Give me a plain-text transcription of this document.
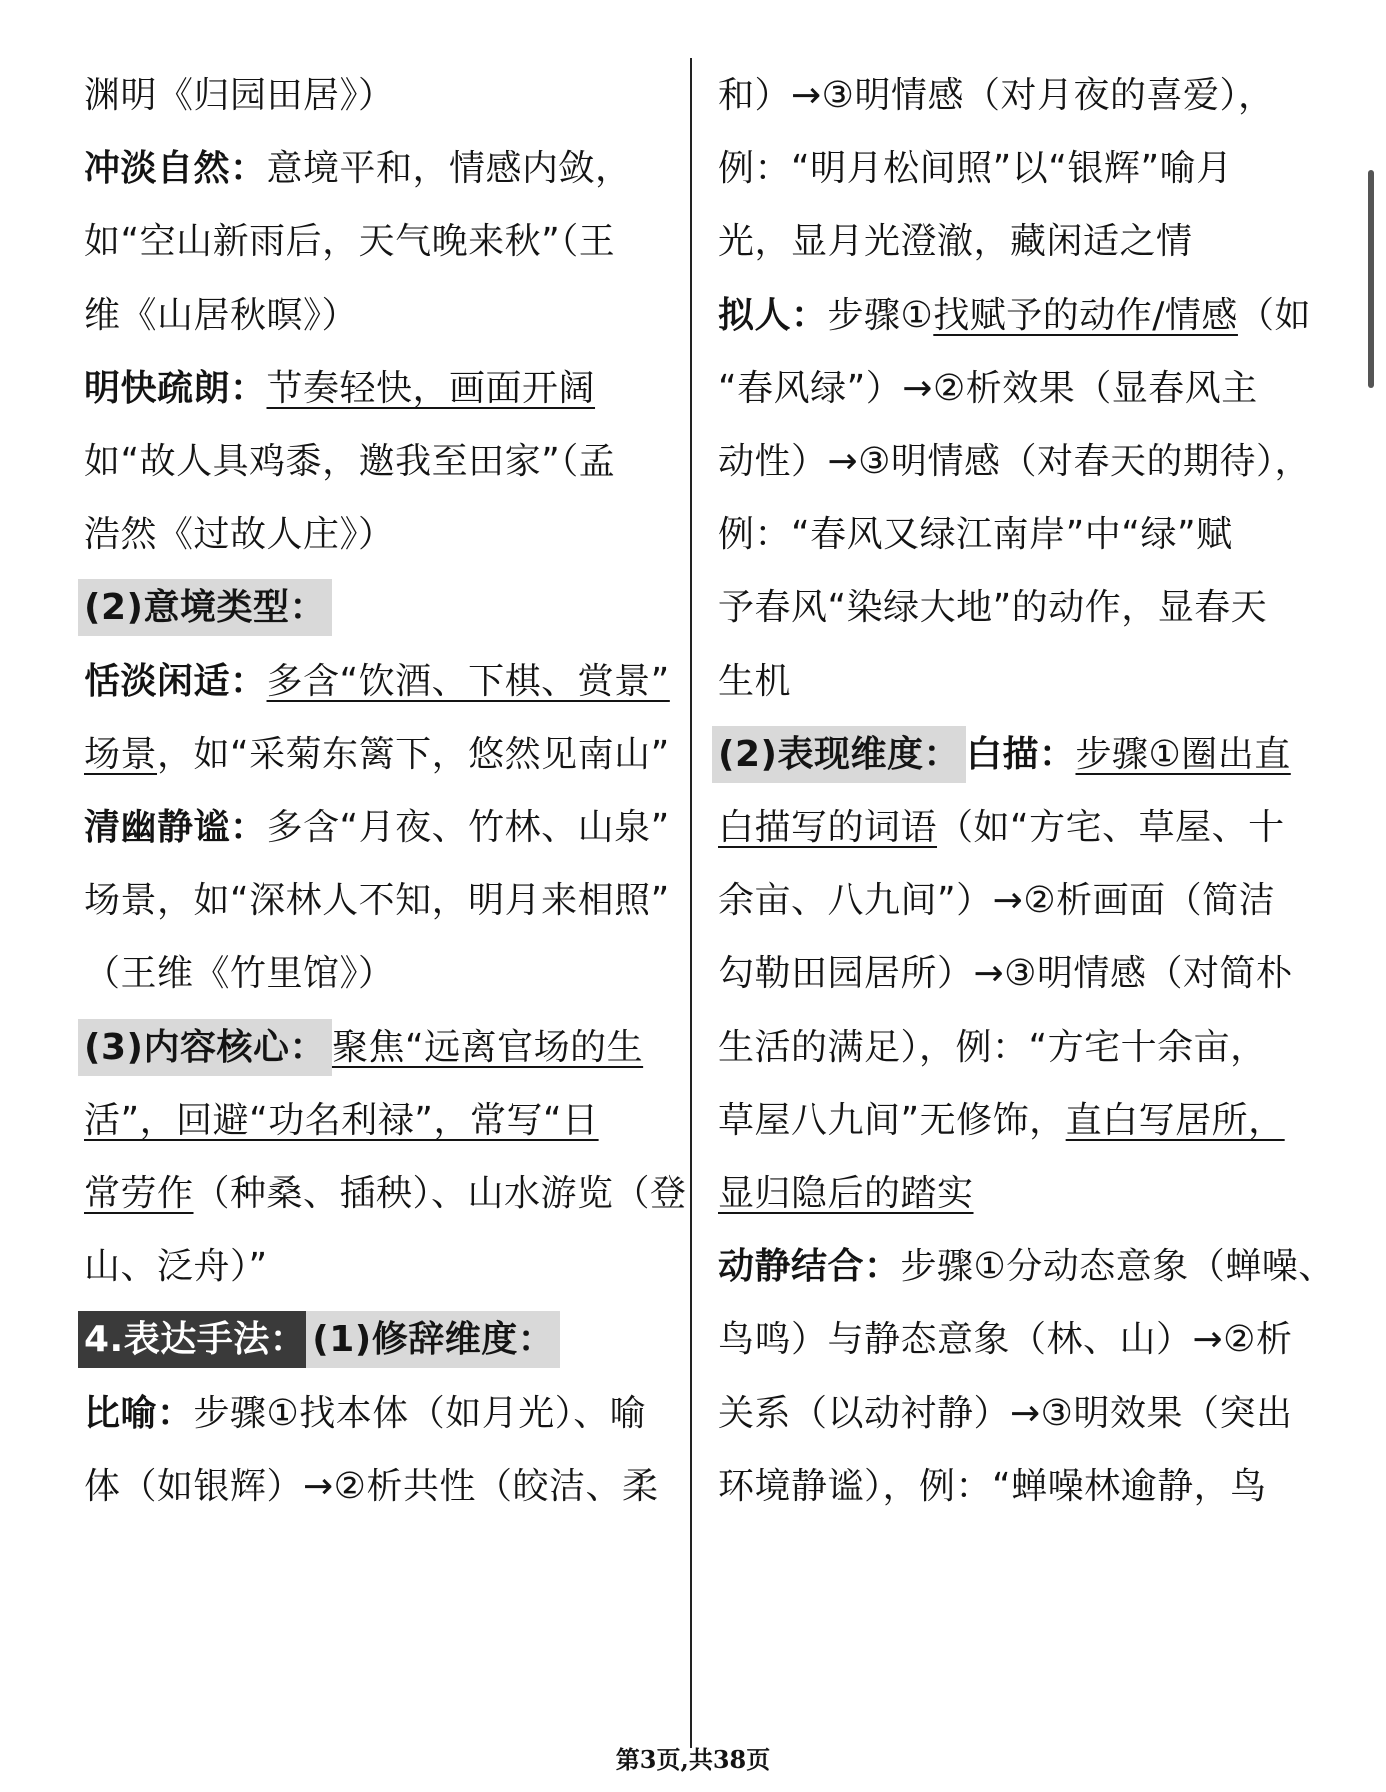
渊明《归园田居》）
冲淡自然：意境平和，情感内敛，
如“空山新雨后，天气晚来秋”（王
维《山居秋暝》）
明快疏朗：节奏轻快，画面开阔
如“故人具鸡黍，邀我至田家”（孟
浩然《过故人庄》）
(2)意境类型：
恬淡闲适：多含“饮酒、下棋、赏景”
场景，如“采菊东篱下，悠然见南山”
清幽静谧：多含“月夜、竹林、山泉”
场景，如“深林人不知，明月来相照”
（王维《竹里馆》）
(3)内容核心： 聚焦“远离官场的生
活”，回避“功名利禄”，常写“日
常劳作（种桑、插秧）、山水游览（登
山、泛舟）”
4.表达手法： (1)修辞维度：
比喻：步骤①找本体（如月光）、喻
体（如银辉）→②析共性（皎洁、柔
和）→③明情感（对月夜的喜爱），
例：“明月松间照”以“银辉”喻月
光，显月光澄澈，藏闲适之情
拟人：步骤①找赋予的动作/情感（如
“春风绿”）→②析效果（显春风主
动性）→③明情感（对春天的期待），
例：“春风又绿江南岸”中“绿”赋
予春风“染绿大地”的动作，显春天
生机
(2)表现维度： 白描：步骤①圈出直
白描写的词语（如“方宅、草屋、十
余亩、八九间”）→②析画面（简洁
勾勒田园居所）→③明情感（对简朴
生活的满足），例：“方宅十余亩，
草屋八九间”无修饰，直白写居所，
显归隐后的踏实
动静结合：步骤①分动态意象（蝉噪、
鸟鸣）与静态意象（林、山）→②析
关系（以动衬静）→③明效果（突出
环境静谧），例：“蝉噪林逾静，鸟
第3页,共38页
